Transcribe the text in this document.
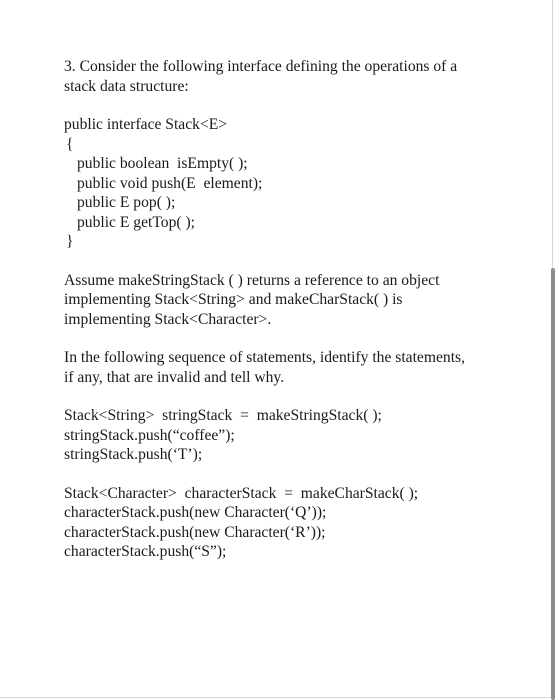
3. Consider the following interface defining the operations of a
stack data structure:
public interface Stack<E>
{
public boolean  isEmpty( );
public void push(E  element);
public E pop( );
public E getTop( );
}
Assume makeStringStack ( ) returns a reference to an object
implementing Stack<String> and makeCharStack( ) is
implementing Stack<Character>.
In the following sequence of statements, identify the statements,
if any, that are invalid and tell why.
Stack<String>  stringStack  =  makeStringStack( );
stringStack.push(“coffee”);
stringStack.push(‘T’);
Stack<Character>  characterStack  =  makeCharStack( );
characterStack.push(new Character(‘Q’));
characterStack.push(new Character(‘R’));
characterStack.push(“S”);
